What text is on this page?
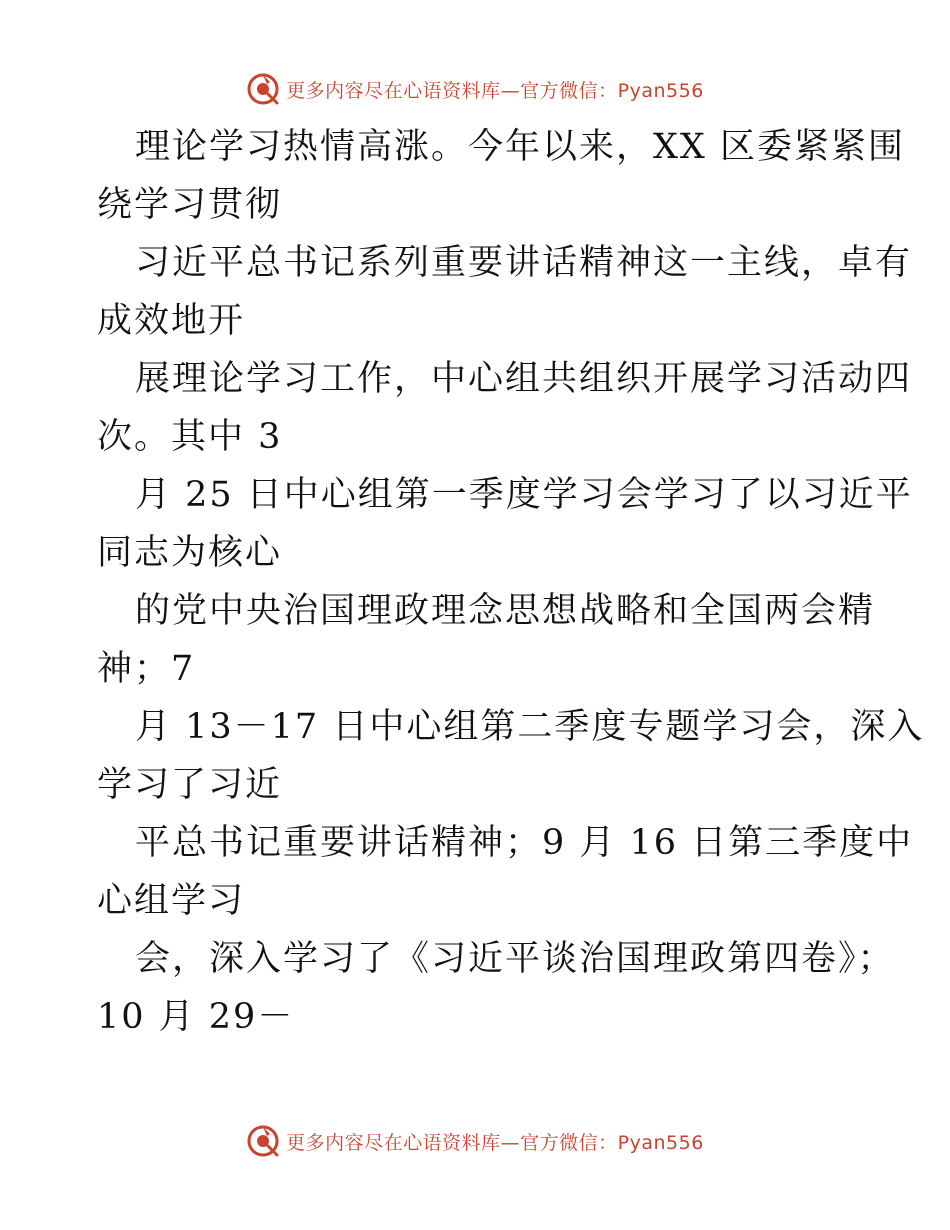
更多内容尽在心语资料库—官方微信：Pyan556
理论学习热情高涨。今年以来，XX 区委紧紧围
绕学习贯彻
习近平总书记系列重要讲话精神这一主线，卓有
成效地开
展理论学习工作，中心组共组织开展学习活动四
次。其中 3
月 25 日中心组第一季度学习会学习了以习近平
同志为核心
的党中央治国理政理念思想战略和全国两会精
神；7
月 13－17 日中心组第二季度专题学习会，深入
学习了习近
平总书记重要讲话精神；9 月 16 日第三季度中
心组学习
会，深入学习了《习近平谈治国理政第四卷》；
10 月 29－
更多内容尽在心语资料库—官方微信：Pyan556
